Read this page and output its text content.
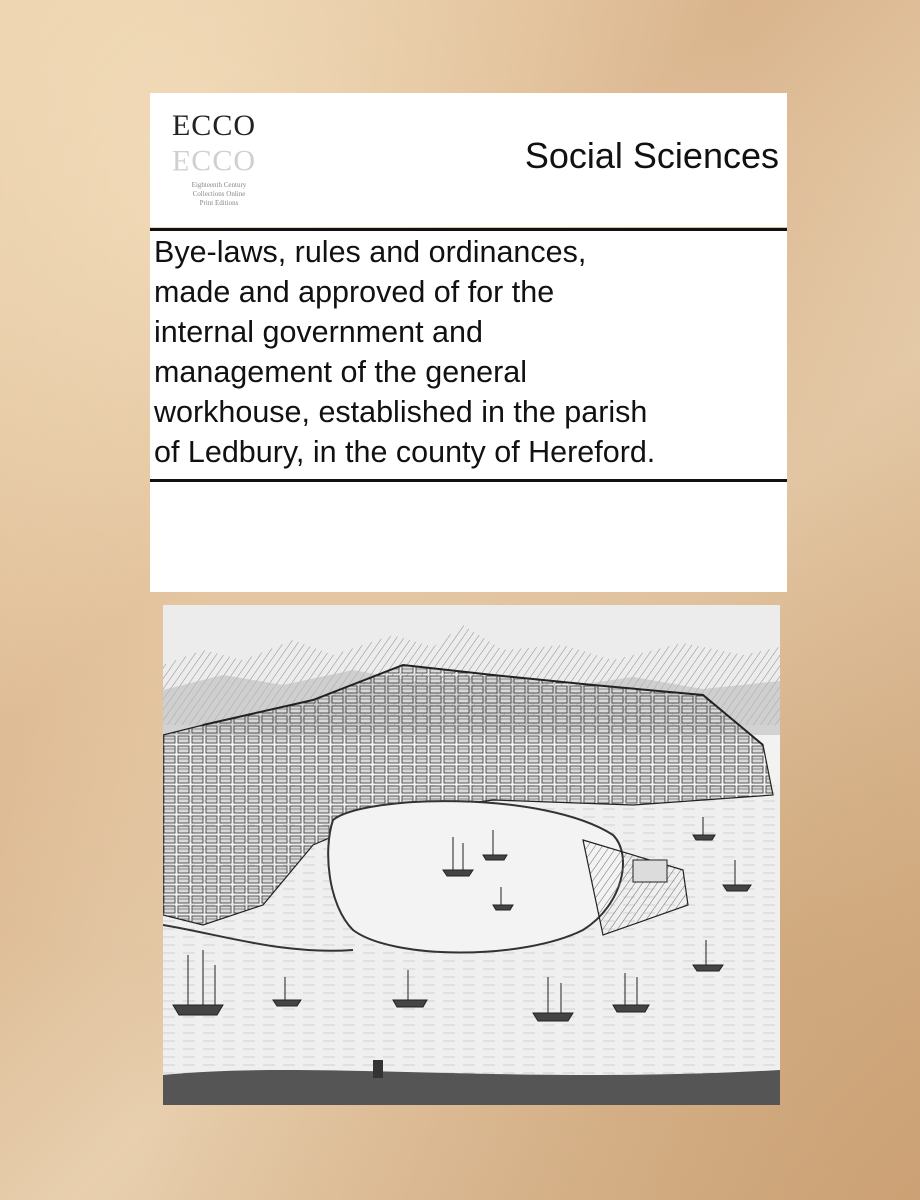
ECCO
ECCO
Eighteenth Century
Collections Online
Print Editions
Social Sciences
Bye-laws, rules and ordinances,
made and approved of for the
internal government and
management of the general
workhouse, established in the parish
of Ledbury, in the county of Hereford.
